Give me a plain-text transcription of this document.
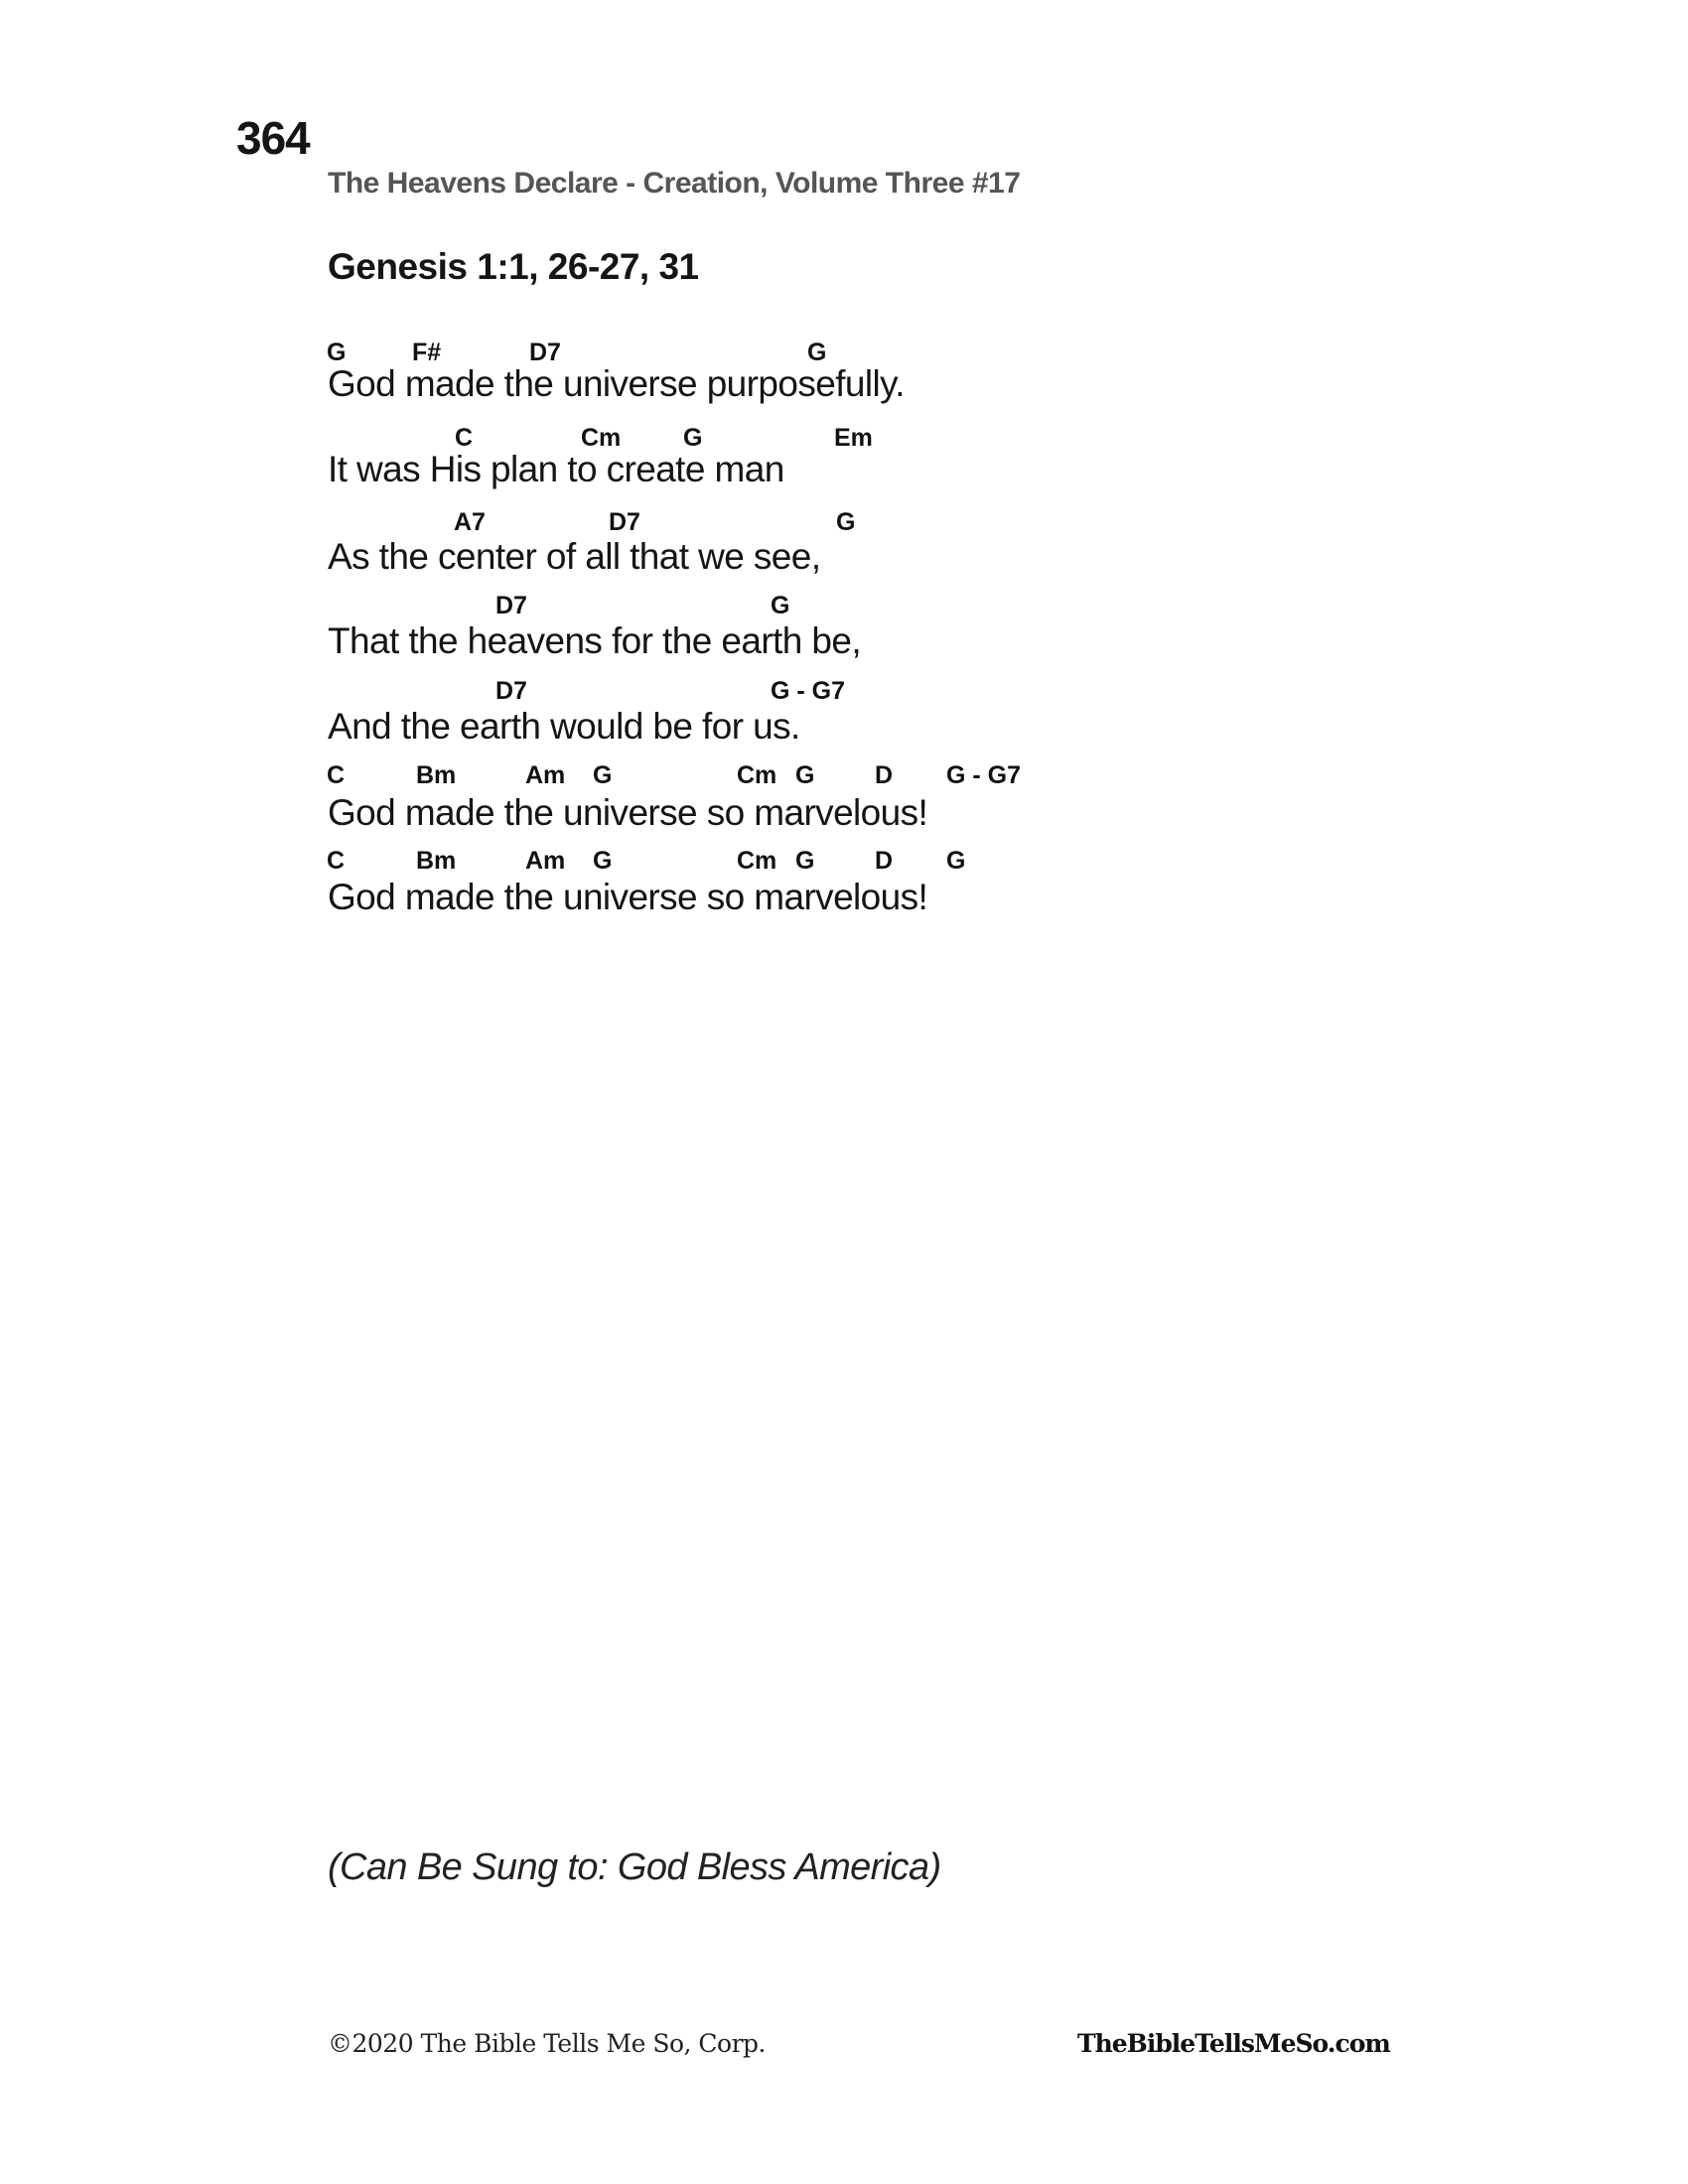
364
The Heavens Declare - Creation, Volume Three #17
Genesis 1:1, 26-27, 31
G	F#	D7	G
God made the universe purposefully.
C	Cm	G	Em
It was His plan to create man
A7	D7	G
As the center of all that we see,
D7	G
That the heavens for the earth be,
D7	G - G7
And the earth would be for us.
C	Bm	Am G	Cm G D G - G7
God made the universe so marvelous!
C	Bm	Am G	Cm G D G
God made the universe so marvelous!
(Can Be Sung to: God Bless America)
©2020 The Bible Tells Me So, Corp.	TheBibleTellsMeSo.com
